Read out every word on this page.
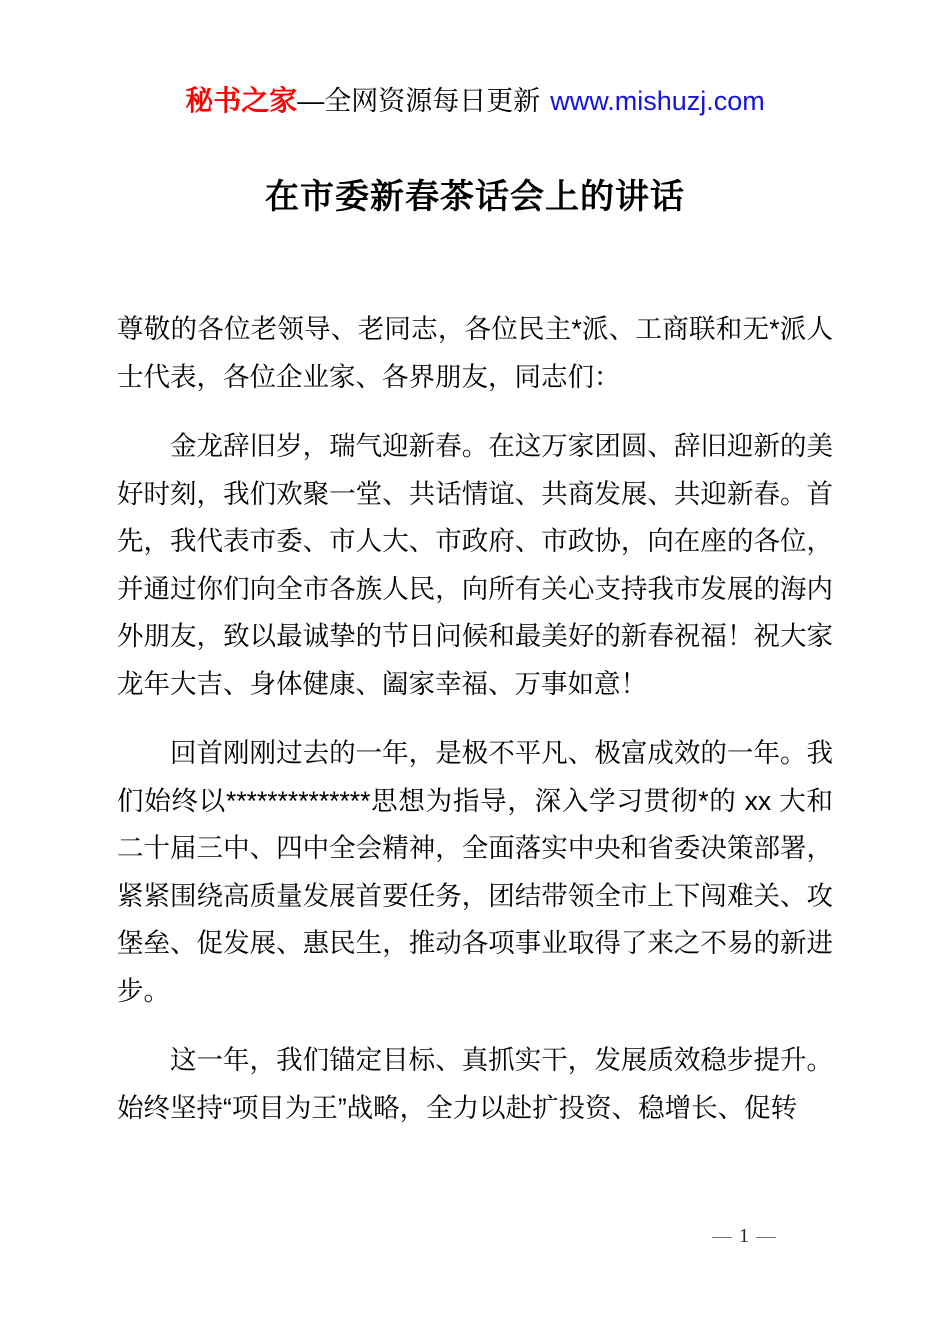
秘书之家—全网资源每日更新 www.mishuzj.com
在市委新春茶话会上的讲话

尊敬的各位老领导、老同志，各位民主*派、工商联和无*派人士代表，各位企业家、各界朋友，同志们：

金龙辞旧岁，瑞气迎新春。在这万家团圆、辞旧迎新的美好时刻，我们欢聚一堂、共话情谊、共商发展、共迎新春。首先，我代表市委、市人大、市政府、市政协，向在座的各位，并通过你们向全市各族人民，向所有关心支持我市发展的海内外朋友，致以最诚挚的节日问候和最美好的新春祝福！祝大家龙年大吉、身体健康、阖家幸福、万事如意！

回首刚刚过去的一年，是极不平凡、极富成效的一年。我们始终以**************思想为指导，深入学习贯彻*的 xx 大和二十届三中、四中全会精神，全面落实中央和省委决策部署，紧紧围绕高质量发展首要任务，团结带领全市上下闯难关、攻堡垒、促发展、惠民生，推动各项事业取得了来之不易的新进步。

这一年，我们锚定目标、真抓实干，发展质效稳步提升。始终坚持“项目为王”战略，全力以赴扩投资、稳增长、促转

— 1 —
